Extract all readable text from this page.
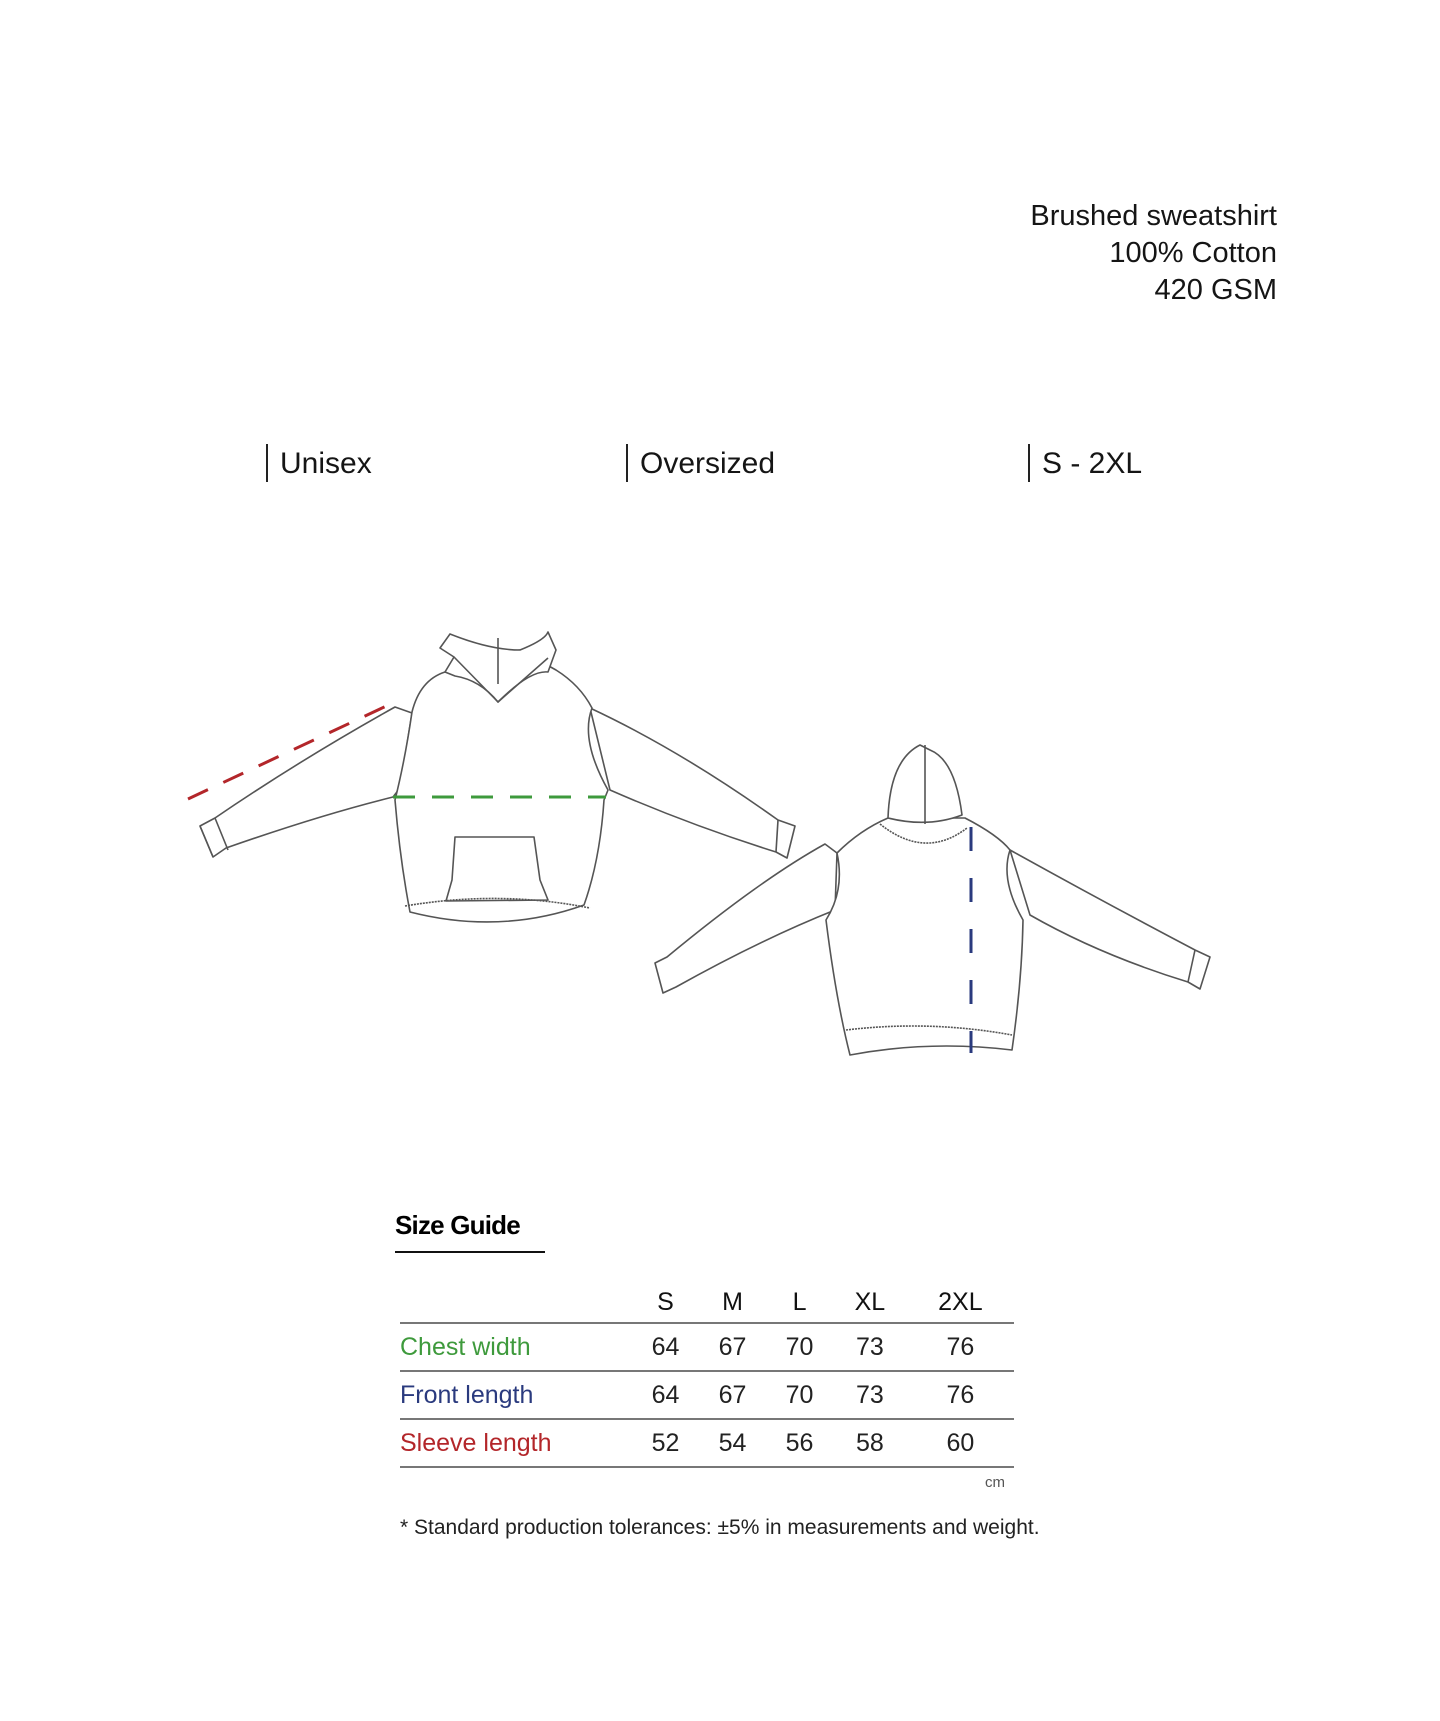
Brushed sweatshirt
100% Cotton
420 GSM
Unisex	Oversized	S - 2XL
Size Guide
	S	M	L	XL	2XL
Chest width	64	67	70	73	76
Front length	64	67	70	73	76
Sleeve length	52	54	56	58	60
cm
* Standard production tolerances: ±5% in measurements and weight.
